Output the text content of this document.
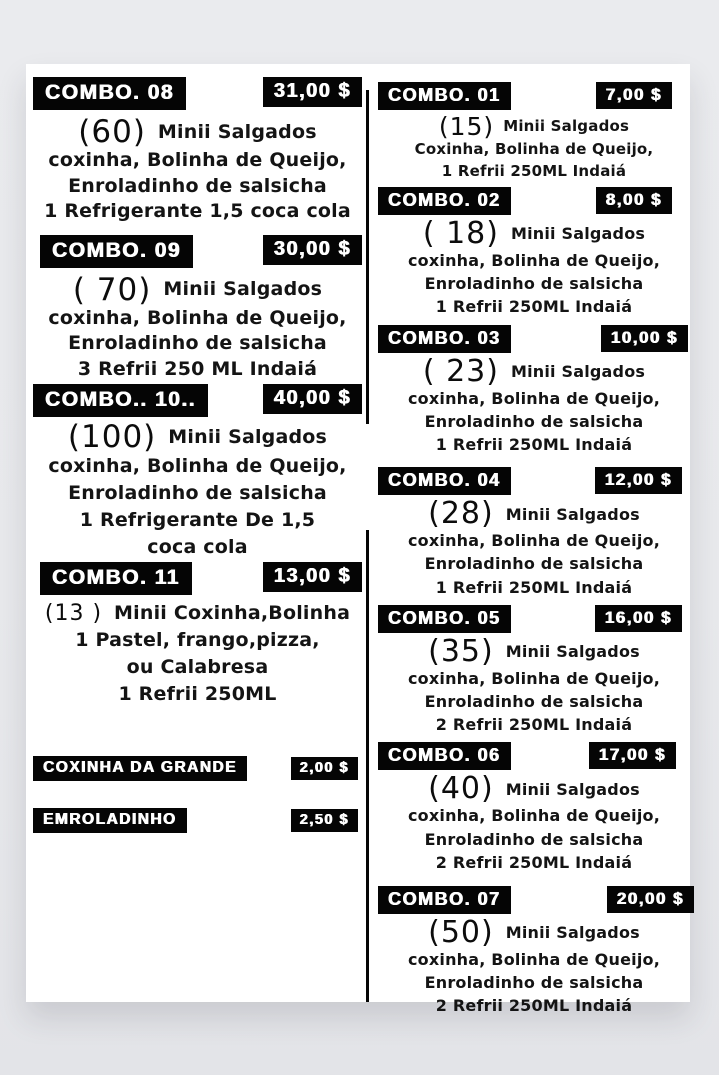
COMBO. 08	31,00 $
(60) Minii Salgados
coxinha, Bolinha de Queijo,
Enroladinho de salsicha
1 Refrigerante 1,5 coca cola
COMBO. 09	30,00 $
( 70) Minii Salgados
coxinha, Bolinha de Queijo,
Enroladinho de salsicha
3 Refrii 250 ML Indaiá
COMBO.. 10..	40,00 $
(100) Minii Salgados
coxinha, Bolinha de Queijo,
Enroladinho de salsicha
1 Refrigerante De 1,5
coca cola
COMBO. 11	13,00 $
(13 ) Minii Coxinha,Bolinha
1 Pastel, frango,pizza,
ou Calabresa
1 Refrii 250ML
COXINHA DA GRANDE	2,00 $
EMROLADINHO	2,50 $
COMBO. 01	7,00 $
(15) Minii Salgados
Coxinha, Bolinha de Queijo,
1 Refrii 250ML Indaiá
COMBO. 02	8,00 $
( 18) Minii Salgados
coxinha, Bolinha de Queijo,
Enroladinho de salsicha
1 Refrii 250ML Indaiá
COMBO. 03	10,00 $
( 23) Minii Salgados
coxinha, Bolinha de Queijo,
Enroladinho de salsicha
1 Refrii 250ML Indaiá
COMBO. 04	12,00 $
(28) Minii Salgados
coxinha, Bolinha de Queijo,
Enroladinho de salsicha
1 Refrii 250ML Indaiá
COMBO. 05	16,00 $
(35) Minii Salgados
coxinha, Bolinha de Queijo,
Enroladinho de salsicha
2 Refrii 250ML Indaiá
COMBO. 06	17,00 $
(40) Minii Salgados
coxinha, Bolinha de Queijo,
Enroladinho de salsicha
2 Refrii 250ML Indaiá
COMBO. 07	20,00 $
(50) Minii Salgados
coxinha, Bolinha de Queijo,
Enroladinho de salsicha
2 Refrii 250ML Indaiá
